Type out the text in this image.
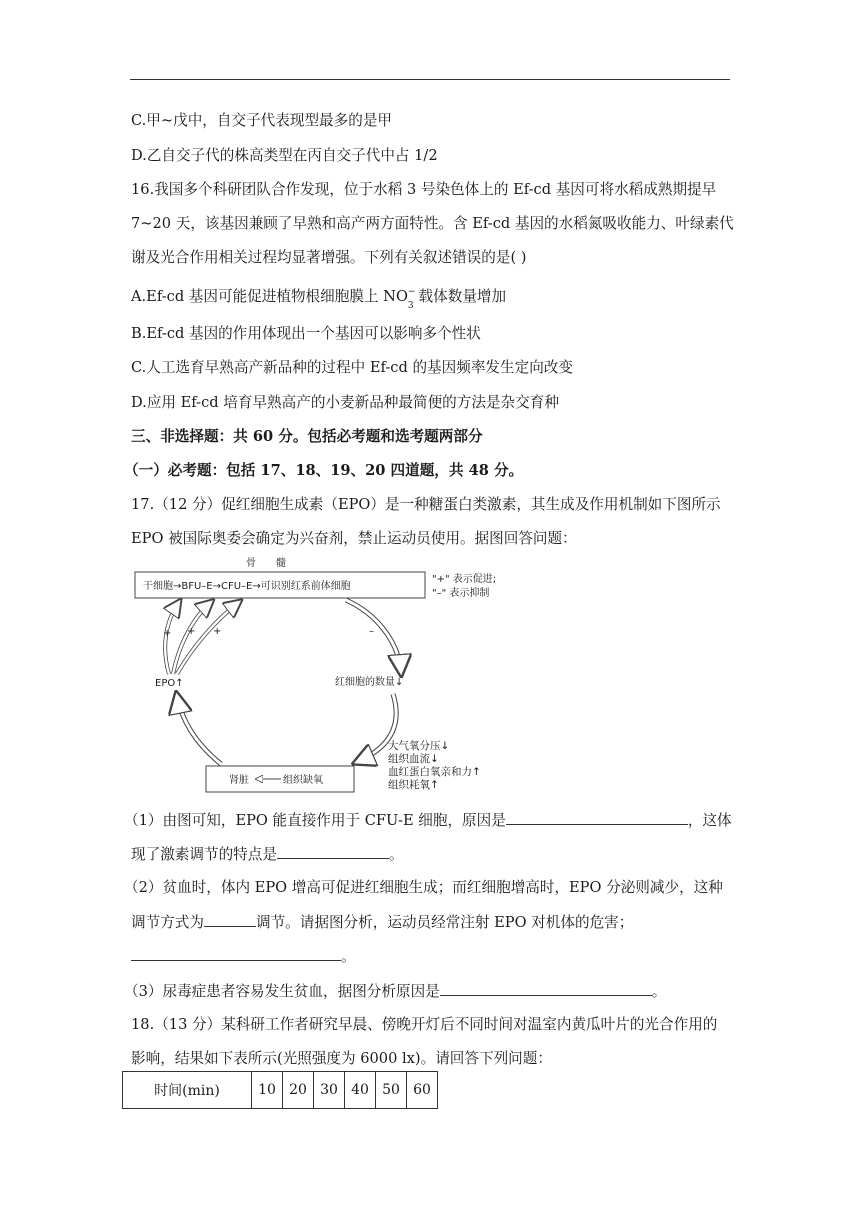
C.甲~戊中，自交子代表现型最多的是甲
D.乙自交子代的株高类型在丙自交子代中占 1/2
16.我国多个科研团队合作发现，位于水稻 3 号染色体上的 Ef-cd 基因可将水稻成熟期提早
7~20 天，该基因兼顾了早熟和高产两方面特性。含 Ef-cd 基因的水稻氮吸收能力、叶绿素代
谢及光合作用相关过程均显著增强。下列有关叙述错误的是( )
A.Ef-cd 基因可能促进植物根细胞膜上 NO −
3
载体数量增加
B.Ef-cd 基因的作用体现出一个基因可以影响多个性状
C.人工选育早熟高产新品种的过程中 Ef-cd 的基因频率发生定向改变
D.应用 Ef-cd 培育早熟高产的小麦新品种最简便的方法是杂交育种
三、非选择题：共 60 分。包括必考题和选考题两部分
（一）必考题：包括 17、18、19、20 四道题，共 48 分。
17.（12 分）促红细胞生成素（EPO）是一种糖蛋白类激素，其生成及作用机制如下图所示
EPO 被国际奥委会确定为兴奋剂，禁止运动员使用。据图回答问题：
骨　　髓
干细胞→BFU–E→CFU–E→可识别红系前体细胞
+ + +
EPO↑
–
红细胞的数量↓
肾脏	组织缺氧
"+" 表示促进;
"–" 表示抑制
大气氧分压↓
组织血流↓
血红蛋白氧亲和力↑
组织耗氧↑
（1）由图可知，EPO 能直接作用于 CFU-E 细胞，原因是	，这体
现了激素调节的特点是	。
（2）贫血时，体内 EPO 增高可促进红细胞生成；而红细胞增高时，EPO 分泌则减少，这种
调节方式为	调节。请据图分析，运动员经常注射 EPO 对机体的危害；
。
（3）尿毒症患者容易发生贫血，据图分析原因是	。
18.（13 分）某科研工作者研究早晨、傍晚开灯后不同时间对温室内黄瓜叶片的光合作用的
影响，结果如下表所示(光照强度为 6000 lx)。请回答下列问题：
时间(min)	10	20	30	40	50	60
